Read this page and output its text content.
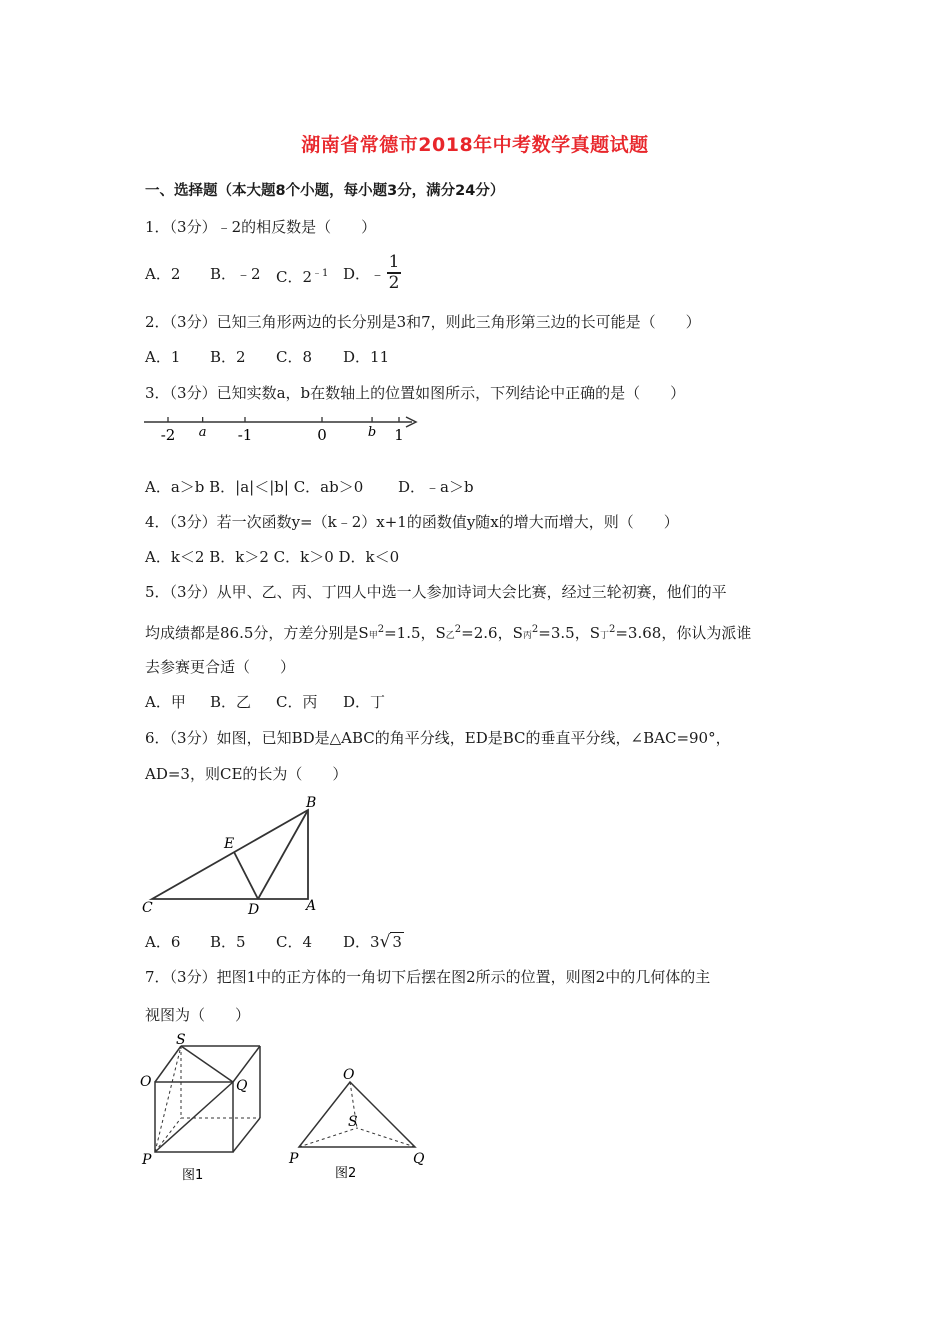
湖南省常德市2018年中考数学真题试题
一、选择题（本大题8个小题，每小题3分，满分24分）
1．（3分）﹣2的相反数是（　　）
A．2 B．﹣2 C．$2^{﹣1}$ D．﹣
1
2
2．（3分）已知三角形两边的长分别是3和7，则此三角形第三边的长可能是（　　）
A．1 B．2 C．8 D．11
3．（3分）已知实数a，b在数轴上的位置如图所示，下列结论中正确的是（　　）
-2 a -1	0	b 1
A．a＞b B．|a|＜|b| C．ab＞0　　 D．﹣a＞b
4．（3分）若一次函数y=（k﹣2）x+1的函数值y随x的增大而增大，则（　　）
A．k＜2 B．k＞2 C．k＞0 D．k＜0
5．（3分）从甲、乙、丙、丁四人中选一人参加诗词大会比赛，经过三轮初赛，他们的平
均成绩都是86.5分，方差分别是S甲$^2$=1.5，S乙$^2$=2.6，S丙$^2$=3.5，S丁$^2$=3.68，你认为派谁
去参赛更合适（　　）
A．甲 B．乙 C．丙 D．丁
6．（3分）如图，已知BD是△ABC的角平分线，ED是BC的垂直平分线，∠BAC=90°，
AD=3，则CE的长为（　　）
B
E
C	D	A
A．6 B．5 C．4 D．3√ 3
7．（3分）把图1中的正方体的一角切下后摆在图2所示的位置，则图2中的几何体的主
视图为（　　）
S
O	Q
P
图1
O
S
P	Q
图2
